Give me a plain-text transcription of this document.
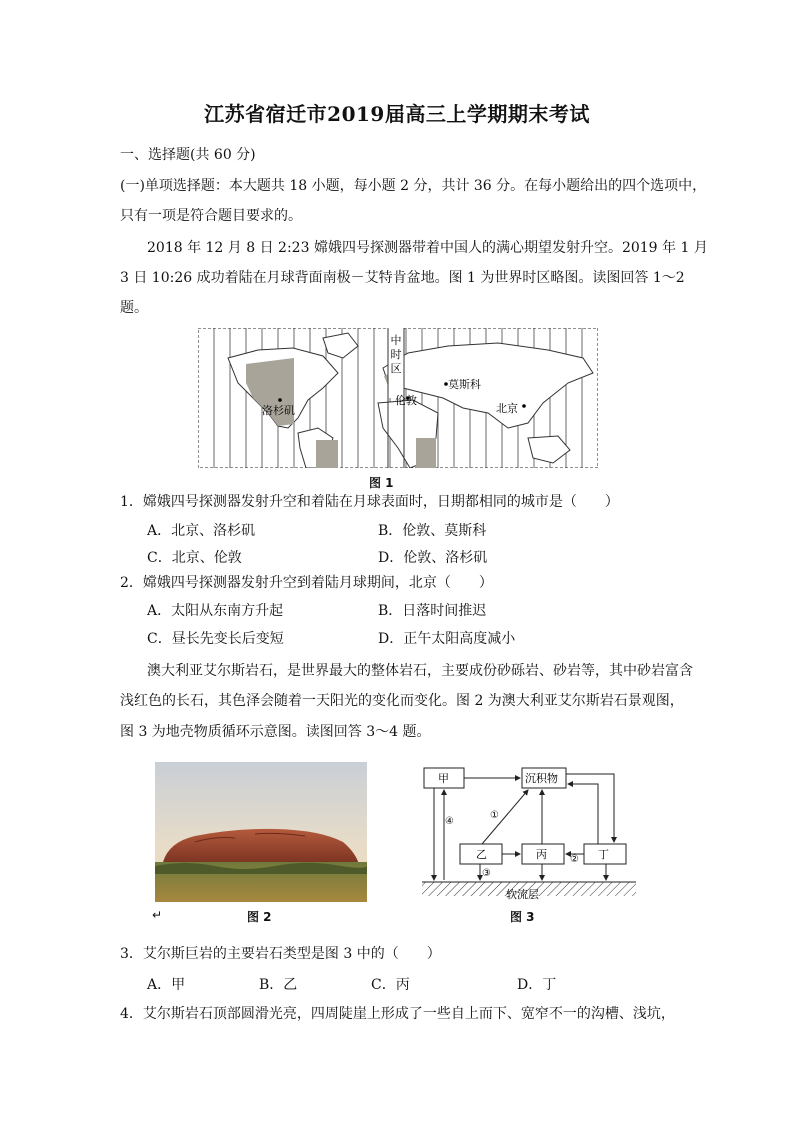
江苏省宿迁市2019届高三上学期期末考试
一、选择题(共 60 分)
(一)单项选择题：本大题共 18 小题，每小题 2 分，共计 36 分。在每小题给出的四个选项中，
只有一项是符合题目要求的。
2018 年 12 月 8 日 2:23 嫦娥四号探测器带着中国人的满心期望发射升空。2019 年 1 月
3 日 10:26 成功着陆在月球背面南极－艾特肯盆地。图 1 为世界时区略图。读图回答 1～2
题。
中
时
区
洛杉矶
伦敦
莫斯科
北京
图 1
1．嫦娥四号探测器发射升空和着陆在月球表面时，日期都相同的城市是（　　）
A．北京、洛杉矶	B．伦敦、莫斯科
C．北京、伦敦	D．伦敦、洛杉矶
2．嫦娥四号探测器发射升空到着陆月球期间，北京（　　）
A．太阳从东南方升起	B．日落时间推迟
C．昼长先变长后变短	D．正午太阳高度减小
澳大利亚艾尔斯岩石，是世界最大的整体岩石，主要成份砂砾岩、砂岩等，其中砂岩富含
浅红色的长石，其色泽会随着一天阳光的变化而变化。图 2 为澳大利亚艾尔斯岩石景观图，
图 3 为地壳物质循环示意图。读图回答 3～4 题。
↵	图 2
甲	沉积物
乙	丙	丁
软流层
①
②
③
④
图 3
3．艾尔斯巨岩的主要岩石类型是图 3 中的（　　）
A．甲	B．乙	C．丙	D．丁
4．艾尔斯岩石顶部圆滑光亮，四周陡崖上形成了一些自上而下、宽窄不一的沟槽、浅坑，
